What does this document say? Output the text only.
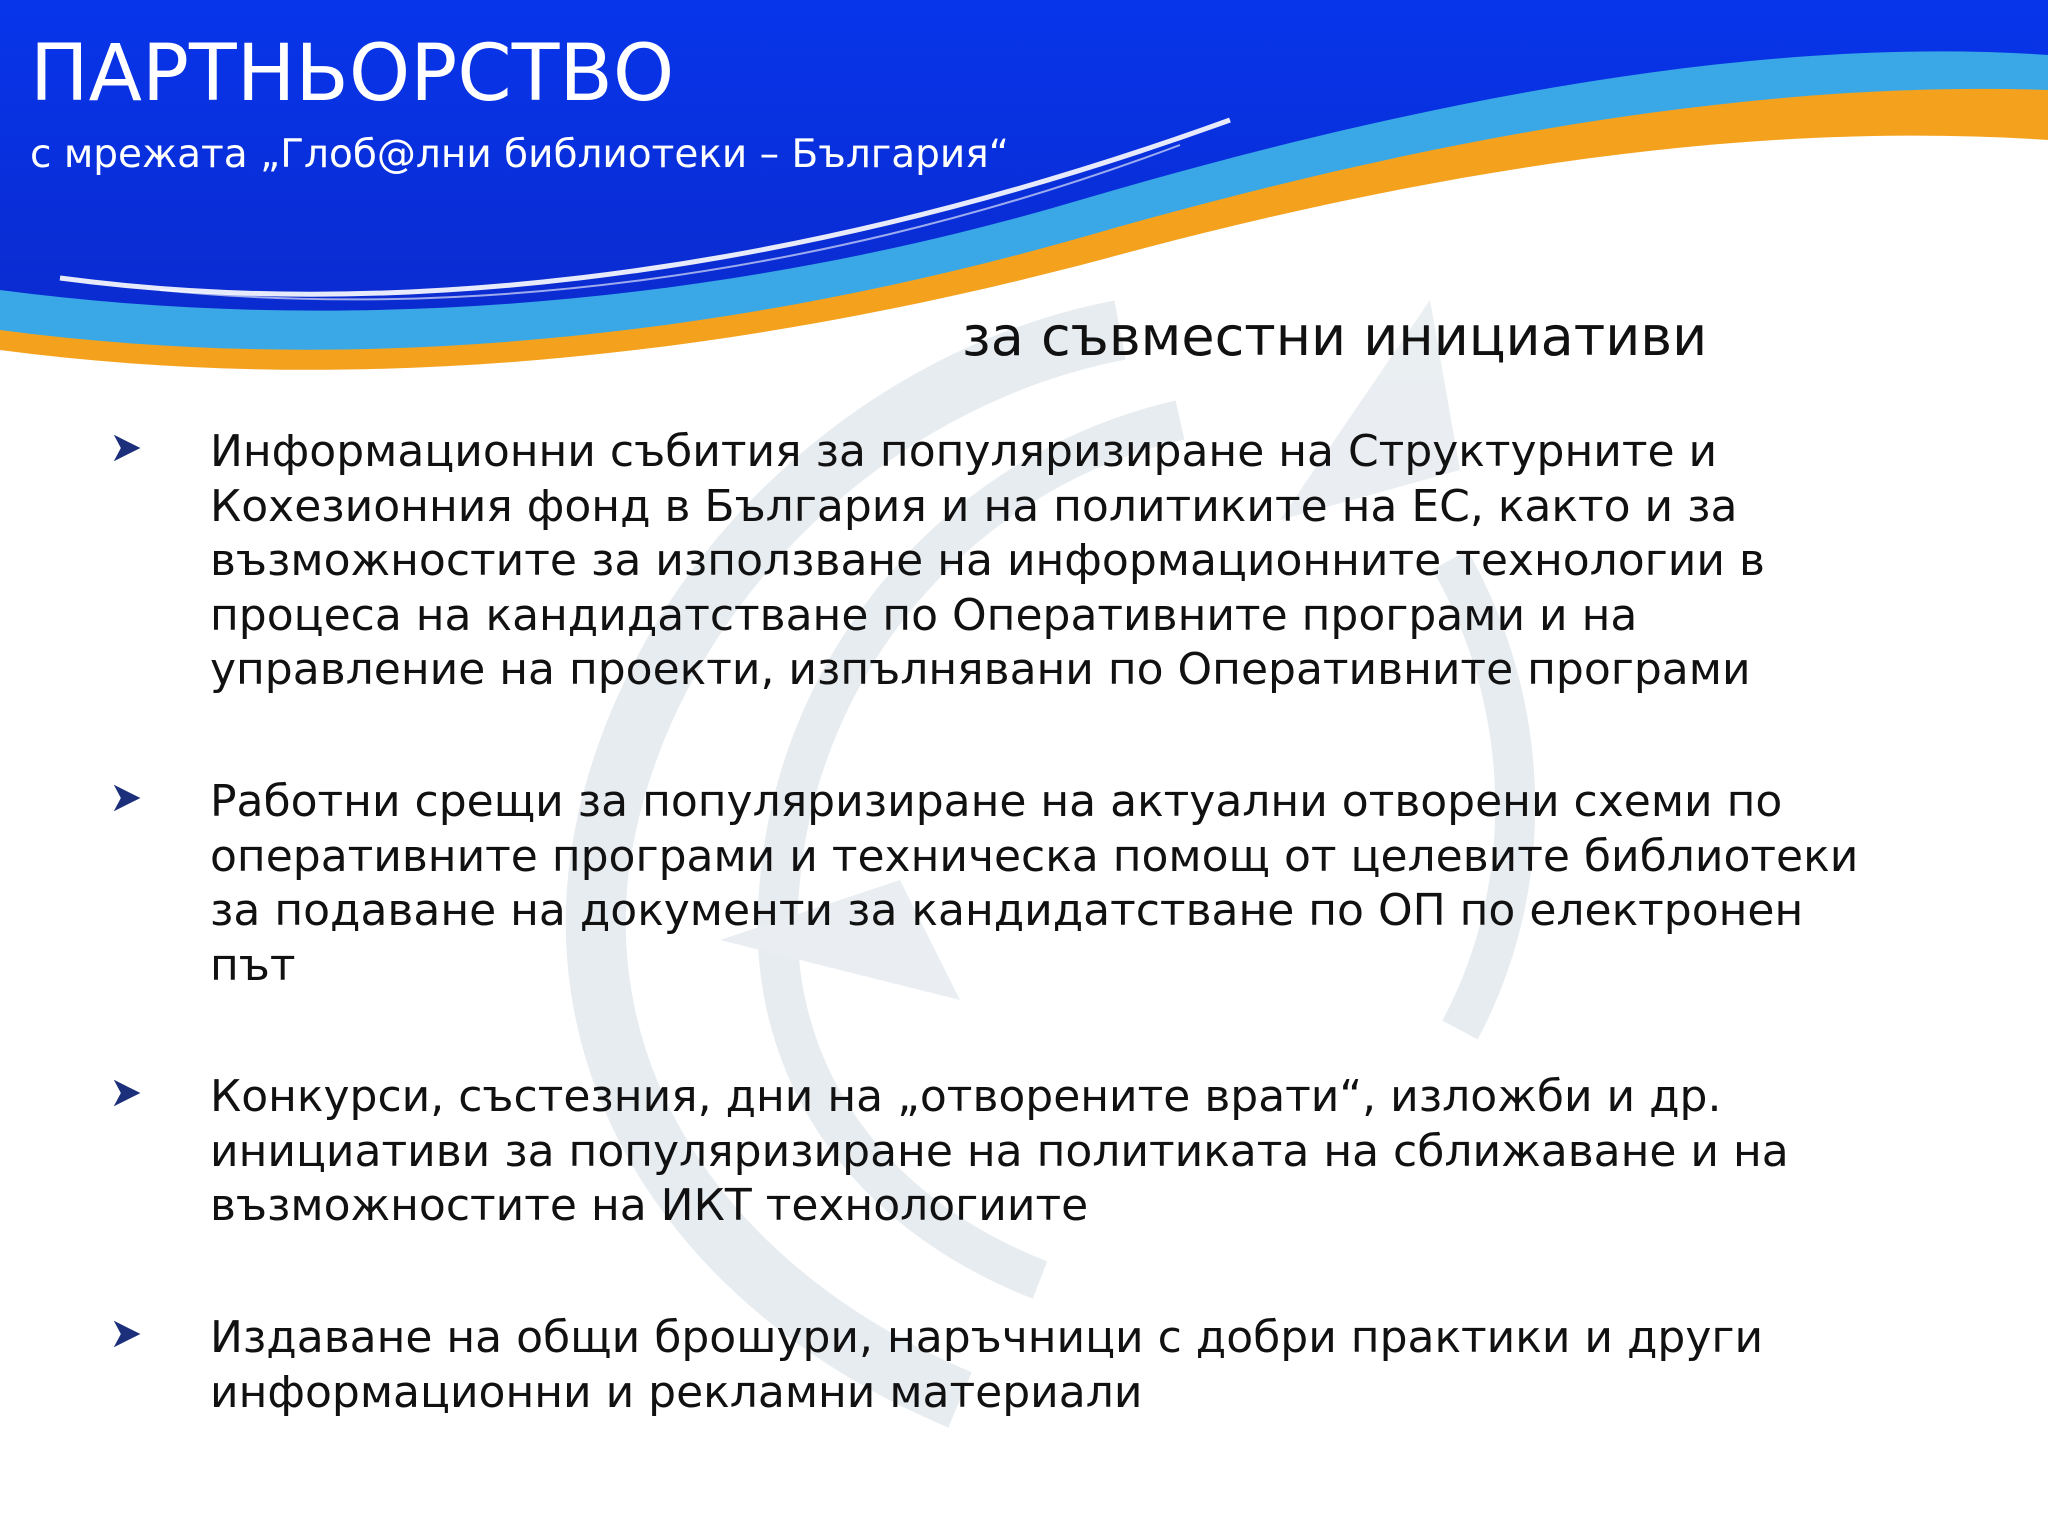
ПАРТНЬОРСТВО

с мрежата „Глоб@лни библиотеки – България“

за съвместни инициативи

Информационни събития за популяризиране на Структурните и
Кохезионния фонд в България и на политиките на ЕС, както и за
възможностите за използване на информационните технологии в
процеса на кандидатстване по Оперативните програми и на
управление на проекти, изпълнявани по Оперативните програми

Работни срещи за популяризиране на актуални отворени схеми по
оперативните програми и техническа помощ от целевите библиотеки
за подаване на документи за кандидатстване по ОП по електронен
път

Конкурси, състезния, дни на „отворените врати“, изложби и др.
инициативи за популяризиране на политиката на сближаване и на
възможностите на ИКТ технологиите

Издаване на общи брошури, наръчници с добри практики и други
информационни и рекламни материали
